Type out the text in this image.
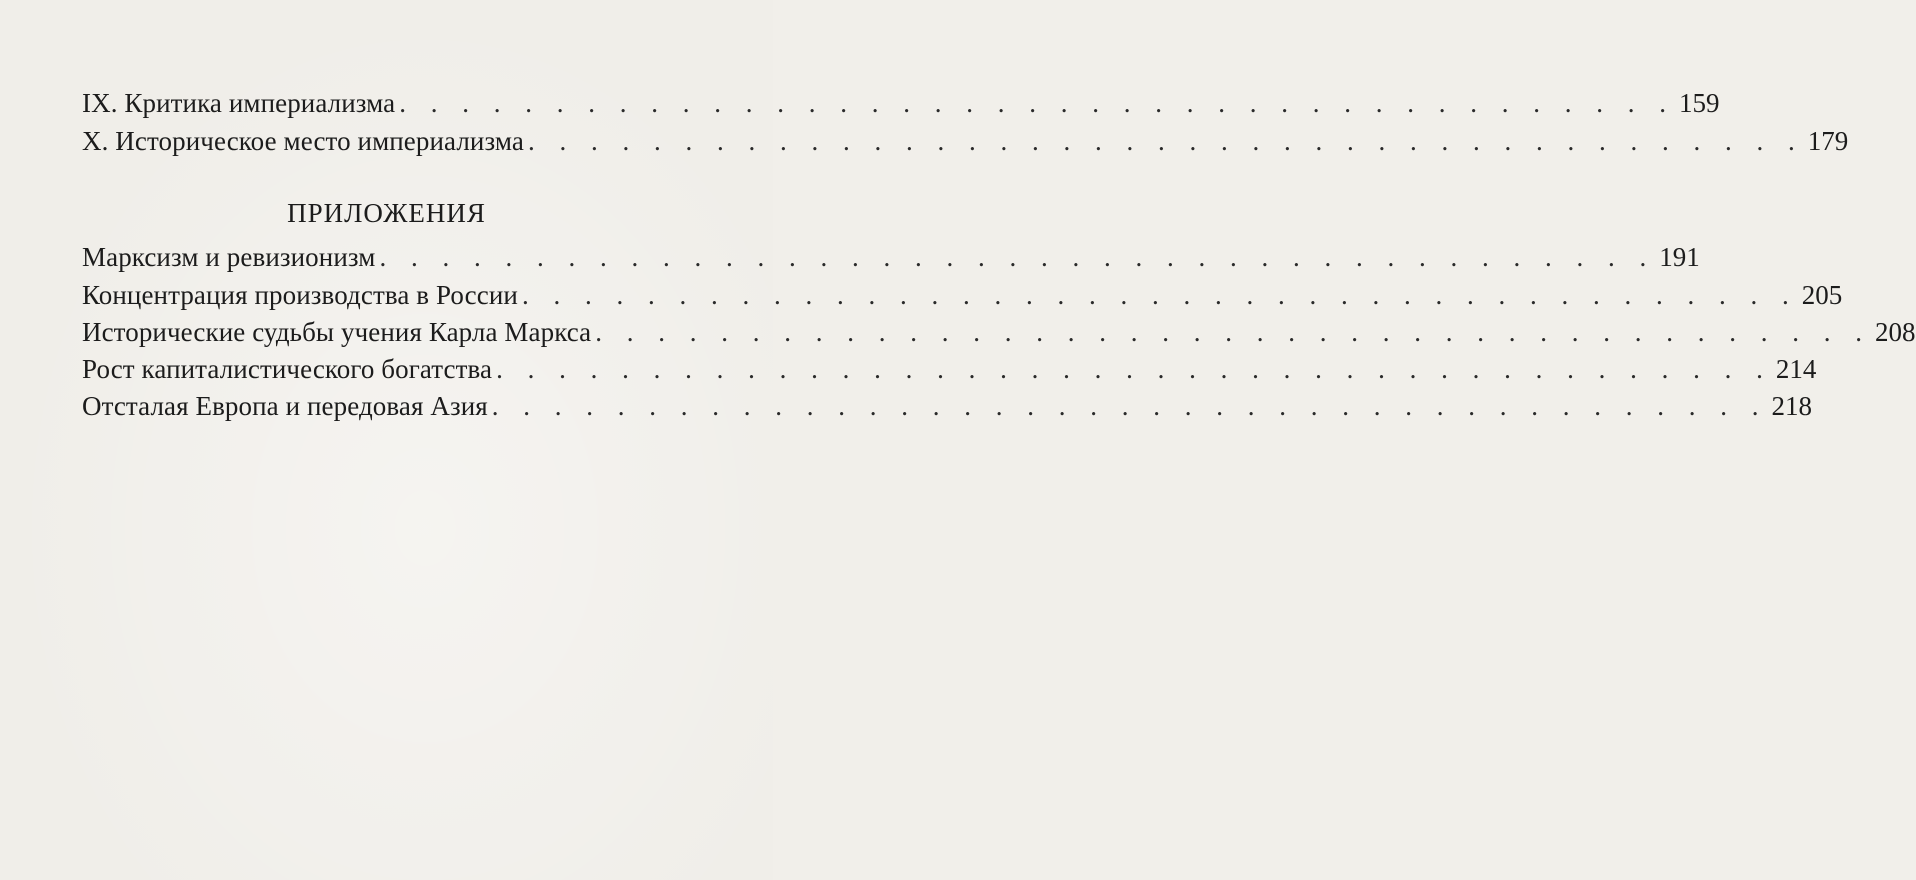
IX. Критика империализма . . . . . . . . . . . . . . . . . . . . . . . . . . . . . . . . . . . . . . . . . 159
X. Историческое место империализма . . . . . . . . . . . . . . . . . . . . . . . . . . . . . . . . . . . . . . . . . 179
Марксизм и ревизионизм . . . . . . . . . . . . . . . . . . . . . . . . . . . . . . . . . . . . . . . . . 191
Концентрация производства в России . . . . . . . . . . . . . . . . . . . . . . . . . . . . . . . . . . . . . . . . . 205
Исторические судьбы учения Карла Маркса . . . . . . . . . . . . . . . . . . . . . . . . . . . . . . . . . . . . . . . . . 208
Рост капиталистического богатства . . . . . . . . . . . . . . . . . . . . . . . . . . . . . . . . . . . . . . . . . 214
Отсталая Европа и передовая Азия . . . . . . . . . . . . . . . . . . . . . . . . . . . . . . . . . . . . . . . . . 218
ПРИЛОЖЕНИЯ
